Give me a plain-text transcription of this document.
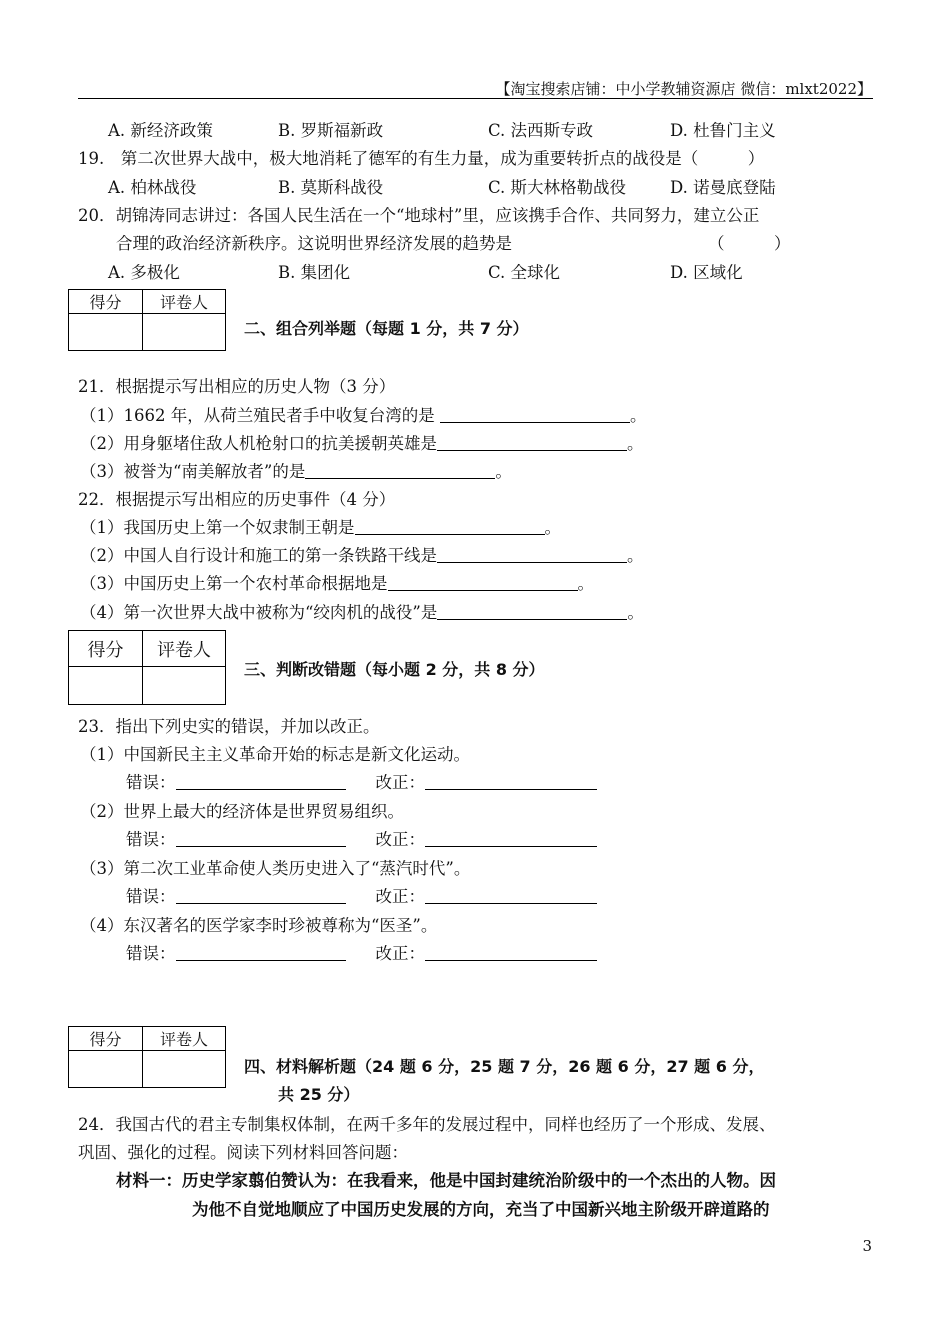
【淘宝搜索店铺：中小学教辅资源店 微信：mlxt2022】
A. 新经济政策	B. 罗斯福新政	C. 法西斯专政	D. 杜鲁门主义
19.　第二次世界大战中，极大地消耗了德军的有生力量，成为重要转折点的战役是（　　　）
A. 柏林战役	B. 莫斯科战役	C. 斯大林格勒战役	D. 诺曼底登陆
20．胡锦涛同志讲过：各国人民生活在一个“地球村”里，应该携手合作、共同努力，建立公正
合理的政治经济新秩序。这说明世界经济发展的趋势是	（　　　）
A. 多极化	B. 集团化	C. 全球化	D. 区域化
得分	评卷人

二、组合列举题（每题 1 分，共 7 分）
21．根据提示写出相应的历史人物（3 分）
（1）1662 年，从荷兰殖民者手中收复台湾的是	。
（2）用身躯堵住敌人机枪射口的抗美援朝英雄是	。
（3）被誉为“南美解放者”的是	。
22．根据提示写出相应的历史事件（4 分）
（1）我国历史上第一个奴隶制王朝是	。
（2）中国人自行设计和施工的第一条铁路干线是	。
（3）中国历史上第一个农村革命根据地是	。
（4）第一次世界大战中被称为“绞肉机的战役”是	。
得分	评卷人

三、判断改错题（每小题 2 分，共 8 分）
23．指出下列史实的错误，并加以改正。
（1）中国新民主主义革命开始的标志是新文化运动。
错误：	改正：
（2）世界上最大的经济体是世界贸易组织。
错误：	改正：
（3）第二次工业革命使人类历史进入了“蒸汽时代”。
错误：	改正：
（4）东汉著名的医学家李时珍被尊称为“医圣”。
错误：	改正：
得分	评卷人

四、材料解析题（24 题 6 分，25 题 7 分，26 题 6 分，27 题 6 分，
共 25 分）
24．我国古代的君主专制集权体制，在两千多年的发展过程中，同样也经历了一个形成、发展、
巩固、强化的过程。阅读下列材料回答问题：
材料一：历史学家翦伯赞认为：在我看来，他是中国封建统治阶级中的一个杰出的人物。因
为他不自觉地顺应了中国历史发展的方向，充当了中国新兴地主阶级开辟道路的
3
